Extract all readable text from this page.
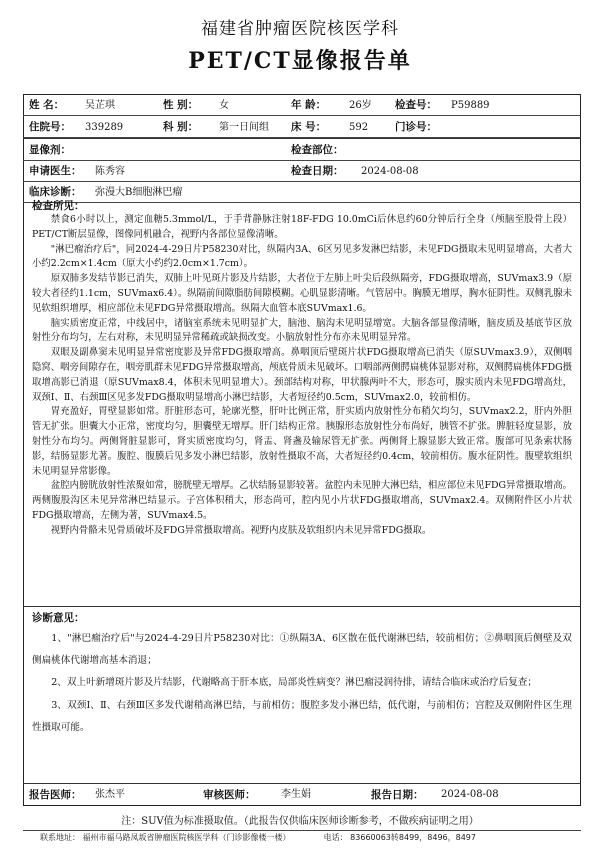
福建省肿瘤医院核医学科
PET/CT显像报告单
姓 名： 吴芷琪	性 别： 女	年 龄： 26岁 检查号： P59889
住院号： 339289	科 别： 第一日间组 床 号： 592	门诊号：
显像剂：	检查部位：
申请医生： 陈秀容	检查日期： 2024-08-08
临床诊断： 弥漫大B细胞淋巴瘤
检查所见：

禁食6小时以上，测定血糖5.3mmol/L，于手背静脉注射18F-FDG 10.0mCi后休息约60分钟后行全身（颅脑至股骨上段）PET/CT断层显像，图像同机融合，视野内各部位显像清晰。

"淋巴瘤治疗后"，同2024-4-29日片P58230对比，纵隔内3A、6区另见多发淋巴结影，未见FDG摄取未见明显增高，大者大小约2.2cm×1.4cm（原大小约约2.0cm×1.7cm）。

原双肺多发结节影已消失，双肺上叶见斑片影及片结影，大者位于左肺上叶尖后段纵隔旁，FDG摄取增高，SUVmax3.9（原较大者径约1.1cm，SUVmax6.4）。纵隔前间隙脂肪间隙模糊。心肌显影清晰。气管居中。胸膜无增厚，胸水征阴性。双侧乳腺未见软组织增厚，相应部位未见FDG异常摄取增高。纵隔大血管本底SUVmax1.6。

脑实质密度正常，中线居中，诸脑室系统未见明显扩大，脑池、脑沟未见明显增宽。大脑各部显像清晰，脑皮质及基底节区放射性分布均匀，左右对称，未见明显异常稀疏或缺损改变。小脑放射性分布亦未见明显异常。

双眼及副鼻窦未见明显异常密度影及异常FDG摄取增高。鼻咽顶后壁斑片状FDG摄取增高已消失（原SUVmax3.9），双侧咽隐窝、咽旁间隙存在，咽旁肌群未见FDG异常摄取增高，颅底骨质未见破坏。口咽部两侧腭扁桃体显影对称，双侧腭扁桃体FDG摄取增高影已消退（原SUVmax8.4，体积未见明显增大）。颈部结构对称，甲状腺两叶不大，形态可，腺实质内未见FDG增高灶，双颈Ⅰ、Ⅱ、右颈Ⅲ区见多发FDG摄取明显增高小淋巴结影，大者短径约0.5cm，SUVmax2.0，较前相仿。

胃充盈好，胃壁显影如常。肝脏形态可，轮廓光整，肝叶比例正常，肝实质内放射性分布稍欠均匀，SUVmax2.2，肝内外胆管无扩张。胆囊大小正常，密度均匀，胆囊壁无增厚。肝门结构正常。胰腺形态放射性分布尚好，胰管不扩张。脾脏轻度显影，放射性分布均匀。两侧肾脏显影可，肾实质密度均匀，肾盂、肾盏及输尿管无扩张。两侧肾上腺显影大致正常。腹部可见条索状肠影，结肠显影尤著。腹腔、腹膜后见多发小淋巴结影，放射性摄取不高，大者短径约0.4cm，较前相仿。腹水征阴性。腹壁软组织未见明显异常影像。

盆腔内膀胱放射性浓聚如常，膀胱壁无增厚。乙状结肠显影较著。盆腔内未见肿大淋巴结，相应部位未见FDG异常摄取增高。两侧腹股沟区未见异常淋巴结显示。子宫体积稍大，形态尚可，腔内见小片状FDG摄取增高，SUVmax2.4。双侧附件区小片状FDG摄取增高，左侧为著，SUVmax4.5。

视野内骨骼未见骨质破坏及FDG异常摄取增高。视野内皮肤及软组织内未见异常FDG摄取。

诊断意见：

1、"淋巴瘤治疗后"与2024-4-29日片P58230对比：①纵隔3A、6区散在低代谢淋巴结，较前相仿；②鼻咽顶后侧壁及双侧扁桃体代谢增高基本消退；

2、双上叶新增斑片影及片结影，代谢略高于肝本底，局部炎性病变？淋巴瘤浸润待排，请结合临床或治疗后复查；

3、双颈Ⅰ、Ⅱ、右颈Ⅲ区多发代谢稍高淋巴结，与前相仿；腹腔多发小淋巴结，低代谢，与前相仿；宫腔及双侧附件区生理性摄取可能。

报告医师： 张杰平	审核医师：	李生娟	报告日期： 2024-08-08
注：SUV值为标准摄取值。（此报告仅供临床医师诊断参考，不做疾病证明之用）
联系地址： 福州市福马路凤坂省肿瘤医院核医学科（门诊影像楼一楼）	电话： 83660063转8499，8496，8497
